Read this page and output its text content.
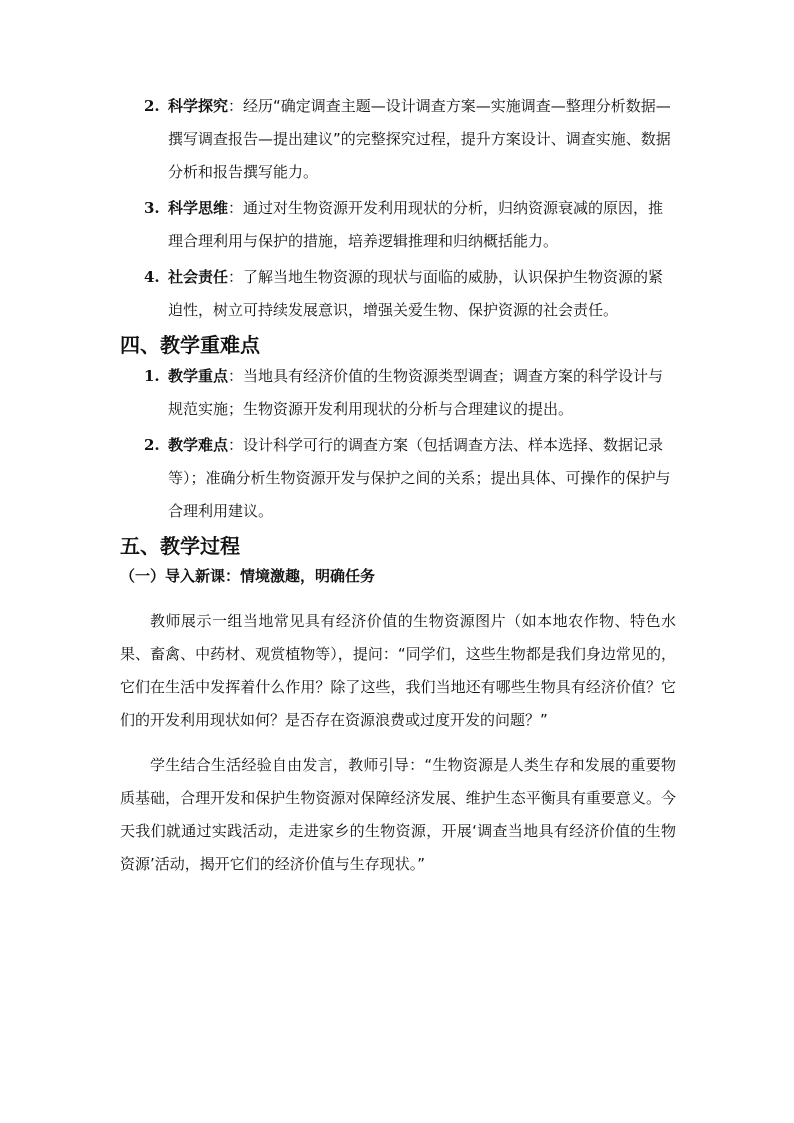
2. 科学探究：经历“确定调查主题—设计调查方案—实施调查—整理分析数据—撰写调查报告—提出建议”的完整探究过程，提升方案设计、调查实施、数据分析和报告撰写能力。
3. 科学思维：通过对生物资源开发利用现状的分析，归纳资源衰减的原因，推理合理利用与保护的措施，培养逻辑推理和归纳概括能力。
4. 社会责任：了解当地生物资源的现状与面临的威胁，认识保护生物资源的紧迫性，树立可持续发展意识，增强关爱生物、保护资源的社会责任。
四、教学重难点
1. 教学重点：当地具有经济价值的生物资源类型调查；调查方案的科学设计与规范实施；生物资源开发利用现状的分析与合理建议的提出。
2. 教学难点：设计科学可行的调查方案（包括调查方法、样本选择、数据记录等）；准确分析生物资源开发与保护之间的关系；提出具体、可操作的保护与合理利用建议。
五、教学过程
（一）导入新课：情境激趣，明确任务

教师展示一组当地常见具有经济价值的生物资源图片（如本地农作物、特色水果、畜禽、中药材、观赏植物等），提问：“同学们，这些生物都是我们身边常见的，它们在生活中发挥着什么作用？除了这些，我们当地还有哪些生物具有经济价值？它们的开发利用现状如何？是否存在资源浪费或过度开发的问题？”

学生结合生活经验自由发言，教师引导：“生物资源是人类生存和发展的重要物质基础，合理开发和保护生物资源对保障经济发展、维护生态平衡具有重要意义。今天我们就通过实践活动，走进家乡的生物资源，开展‘调查当地具有经济价值的生物资源’活动，揭开它们的经济价值与生存现状。”
